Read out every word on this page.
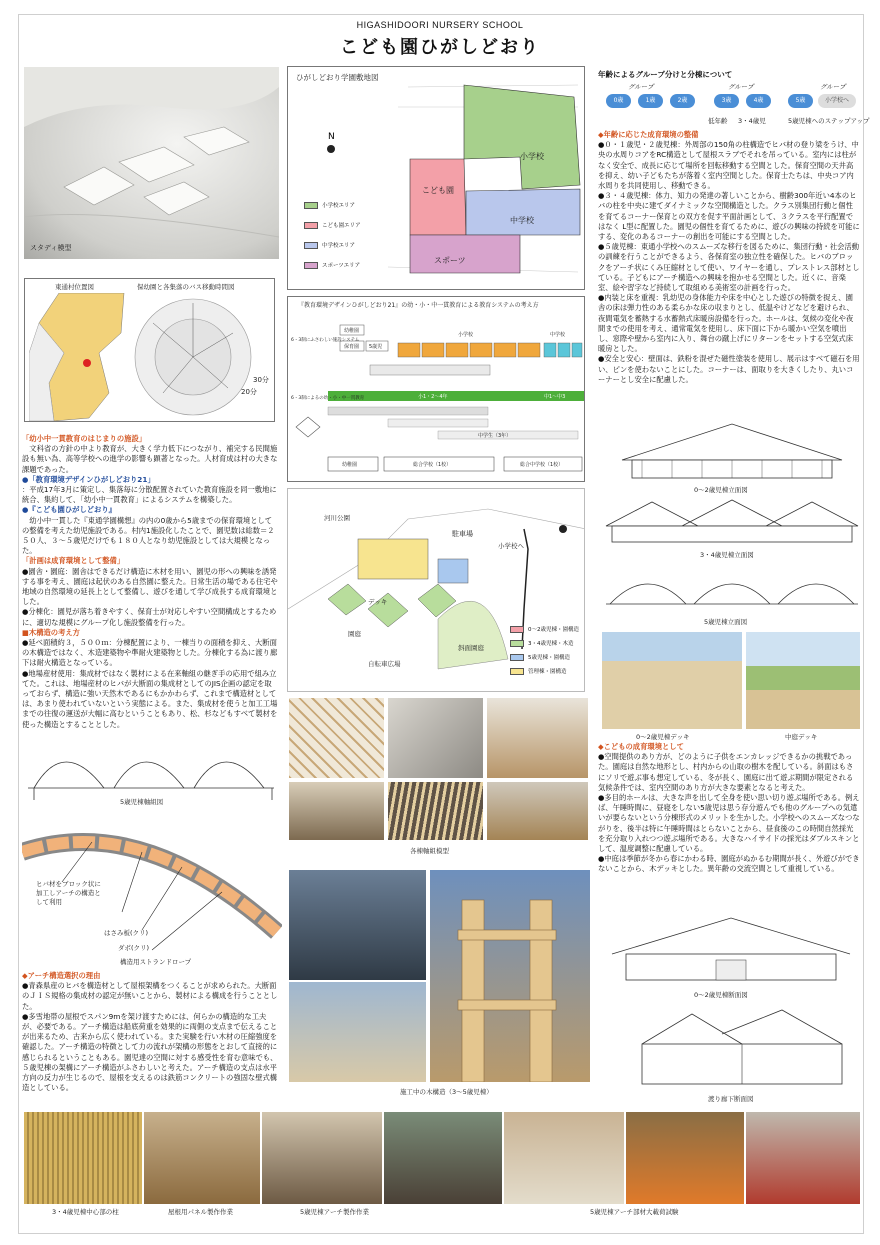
HIGASHIDOORI NURSERY SCHOOL
こども園ひがしどおり
スタディ模型
東通村位置図	保幼園と各集落のバス移動時間図
30分
20分

「幼小中一貫教育のはじまりの施設」

　文科省の方針の中より教育が、大きく学力低下につながり、補完する民間施設も無い為、高等学校への進学の影響も顕著となった。人材育成は村の大きな課題であった。

●「教育環境デザインひがしどおり21」

：平成17年3月に策定し、集落毎に分散配置されていた教育施設を同一敷地に統合、集約して、「幼小中一貫教育」によるシステムを構築した。

●『こども園ひがしどおり』

　幼小中一貫した『東通学園構想』の内の0歳から5歳までの保育環境としての整備を考えた幼児施設である。村内1施設化したことで、園児数は総数＝２５０人、３～５歳児だけでも１８０人となり幼児施設としては大規模となった。

「計画は成育環境として整備」

●園舎・園庭：園舎はできるだけ構造に木材を用い、園児の形への興味を誘発する事を考え、園庭は起伏のある自然園に整えた。日常生活の場である住宅や地域の自然環境の延長上として整備し、遊びを通して学び成長する成育環境とした。

●分棟化：園児が落ち着きやすく、保育士が対応しやすい空間構成とするために、適切な規模にグループ化し施設整備を行った。

■木構造の考え方

●延べ面積約３，５００ｍ：分棟配置により、一棟当りの面積を抑え、大断面の木構造ではなく、木造建築物や準耐火建築物とした。分棟化する為に渡り廊下は耐火構造となっている。

●地場産材使用：集成材ではなく製材による在来軸組の継ぎ手の応用で組み立てた。これは、地場産材のヒバが大断面の集成材としてのJIS企画の認定を取っておらず、構造に強い天然木であるにもかかわらず、これまで構造材としては、あまり使われていないという実態による。また、集成材を使うと加工工場までの往復の運送が大幅に高むということもあり、松、杉などもすべて製材を使った構造とすることとした。

5歳児棟軸組図
ヒバ材をブロック状に加工しアーチの構造として利用
はさみ板(クリ)
ダボ(クリ)
構造用ストランドロープ

◆アーチ構造選択の理由

●青森県産のヒバを構造材として屋根架構をつくることが求められた。大断面のＪＩＳ規格の集成材の認定が無いことから、製材による構成を行うこととした。

●多雪地帯の屋根でスパン9mを架け渡すためには、何らかの構造的な工夫が、必要である。アーチ構造は船底荷重を効果的に両側の支点まで伝えることが出来るため、古来から広く使われている。また実験を行い木材の圧縮強度を確認した。アーチ構造の特徴として力の流れが架構の形態をとおして直接的に感じられるということもある。園児達の空間に対する感受性を育む意味でも、５歳児棟の架構にアーチ構造がふさわしいと考えた。アーチ構造の支点は水平方向の反力が生じるので、屋根を支えるのは鉄筋コンクリートの強固な壁式構造としている。

ひがしどおり学園敷地図
N
小学校
こども園
中学校
スポーツ
小学校エリア
こども園エリア
中学校エリア
スポーツエリア
『教育環境デザインひがしどおり21』の幼・小・中一貫教育による教育システムの考え方
6・3制にふさわしい施設システム
幼稚園
保育園 5歳児
小学校	中学校
6・3制によるの幼・小・中一貫教育	小1・2～4年	中1～中3
中学生（3年）
幼稚園	総合学校（1校）	総合中学校（1校）
河川公園
駐車場
小学校へ
デッキ
園庭
斜面園庭
自転車広場
0～2歳児棟・園構造
3・4歳児棟・木造
5歳児棟・園構造
管理棟・園構造
各棟軸組模型
施工中の木構造（3～5歳児棟）
年齢によるグループ分けと分棟について
グループ	グループ	グループ
0歳	1歳	2歳	3歳	4歳	5歳	小学校へ
低年齢 3・4歳児	5歳児棟へのステップアップ

◆年齢に応じた成育環境の整備

●０・１歳児・２歳児棟：外周部の150角の柱構造でヒバ材の登り梁をうけ、中央の水周りコアをRC構造として屋根スラブでそれを吊っている。室内には柱がなく安全で、成長に応じて場所を回転移動する空間とした。保育空間の天井高を抑え、幼い子どもたちが落着く室内空間とした。保育士たちは、中央コア内水周りを共同使用し、移動できる。

●３・４歳児棟：体力、知力の発達の著しいことから、樹齢300年近い4本のヒバの柱を中央に建てダイナミックな空間構造とした。クラス別集団行動と個性を育てるコーナー保育との双方を促す平面計画として、３クラスを平行配置ではなく L型に配置した。園児の個性を育てるために、遊びの興味の持続を可能にする、変化のあるコーナーの創出を可能にする空間とした。

●５歳児棟：東通小学校へのスムーズな移行を図るために、集団行動・社会活動の訓練を行うことができるよう、各保育室の独立性を確保した。ヒバのブロックをアーチ状にくみ圧縮材として使い、ワイヤーを通し、プレストレス部材としている。子どもにアーチ構造への興味を抱かせる空間とした。近くに、音楽室、絵や習字など持続して取組める美術室の計画を行った。

●内装と床を重視：乳幼児の身体能力や床を中心とした遊びの特徴を捉え、園舎の床は弾力性のある柔らかな床の収まりとし、低温やけどなどを避けられ、夜間電気を蓄熱する水蓄熱式床暖房設備を行った。ホールは、気候の変化や夜間までの使用を考え、通常電気を使用し、床下面に下から暖かい空気を噴出し、窓際や壁から室内に入り、舞台の蹴上げにリターンをセットする空気式床暖房とした。

●安全と安心：壁面は、鉄粉を混ぜた磁性塗装を使用し、展示はすべて磁石を用い、ピンを使わないことにした。コーナーは、面取りを大きくしたり、丸いコーナーとし安全に配慮した。

0～2歳児棟立面図
3・4歳児棟立面図
5歳児棟立面図
0～2歳児棟デッキ	中庭デッキ

◆こどもの成育環境として

●空間提供のあり方が、どのように子供をエンカレッジできるかの挑戦であった。園庭は自然な地形とし、村内からの山取の樹木を配している。斜面はもさにソリで遊ぶ事も想定している、冬が長く、園庭に出て遊ぶ期間が限定される気候条件では、室内空間のあり方が大きな要素となると考えた。

●多目的ホールは、大きな声を出して全身を使い思い切り遊ぶ場所である。例えば、午睡時間に、昼寝をしない5歳児は思う存分遊んでも他のグループへの気遣いが要らないという分棟形式のメリットを生かした。小学校へのスムーズなつながりを、後半は特に午睡時間はとらないことから、昼食後のこの時間自然採光を充分取り入れつつ遊ぶ場所である。大きなハイサイドの採光はダブルスキンとして、温度調整に配慮している。

●中庭は季節が冬から春にかわる時、園庭がぬかるむ期間が長く、外遊びができないことから、木デッキとした。異年齢の交流空間として重視している。

0～2歳児棟断面図
渡り廊下断面図
3・4歳児棟中心部の柱	屋根用パネル製作作業	5歳児棟アーチ製作作業	5歳児棟アーチ部材大載荷試験
